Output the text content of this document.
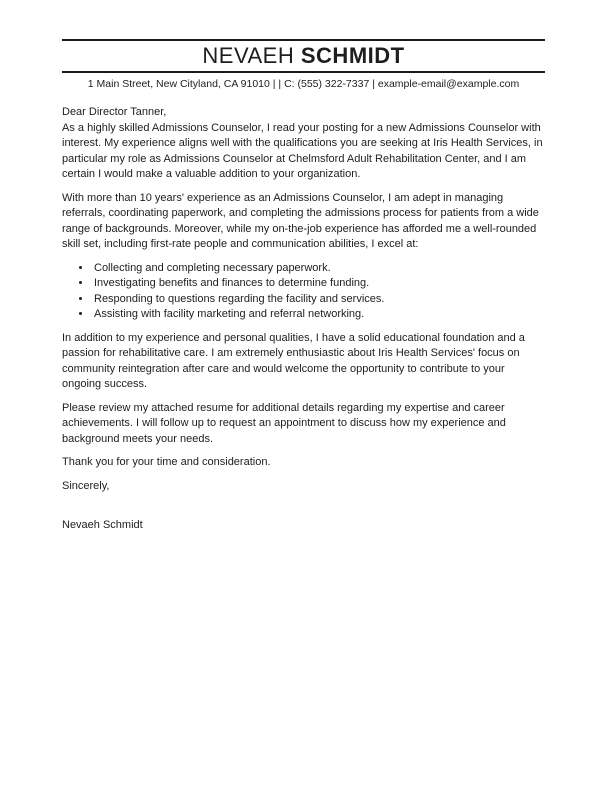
NEVAEH SCHMIDT
1 Main Street, New Cityland, CA 91010 | | C: (555) 322-7337 | example-email@example.com

Dear Director Tanner,

As a highly skilled Admissions Counselor, I read your posting for a new Admissions Counselor with interest. My experience aligns well with the qualifications you are seeking at Iris Health Services, in particular my role as Admissions Counselor at Chelmsford Adult Rehabilitation Center, and I am certain I would make a valuable addition to your organization.

With more than 10 years' experience as an Admissions Counselor, I am adept in managing referrals, coordinating paperwork, and completing the admissions process for patients from a wide range of backgrounds. Moreover, while my on-the-job experience has afforded me a well-rounded skill set, including first-rate people and communication abilities, I excel at:

• Collecting and completing necessary paperwork.
• Investigating benefits and finances to determine funding.
• Responding to questions regarding the facility and services.
• Assisting with facility marketing and referral networking.

In addition to my experience and personal qualities, I have a solid educational foundation and a passion for rehabilitative care. I am extremely enthusiastic about Iris Health Services' focus on community reintegration after care and would welcome the opportunity to contribute to your ongoing success.

Please review my attached resume for additional details regarding my expertise and career achievements. I will follow up to request an appointment to discuss how my experience and background meets your needs.

Thank you for your time and consideration.

Sincerely,

Nevaeh Schmidt
